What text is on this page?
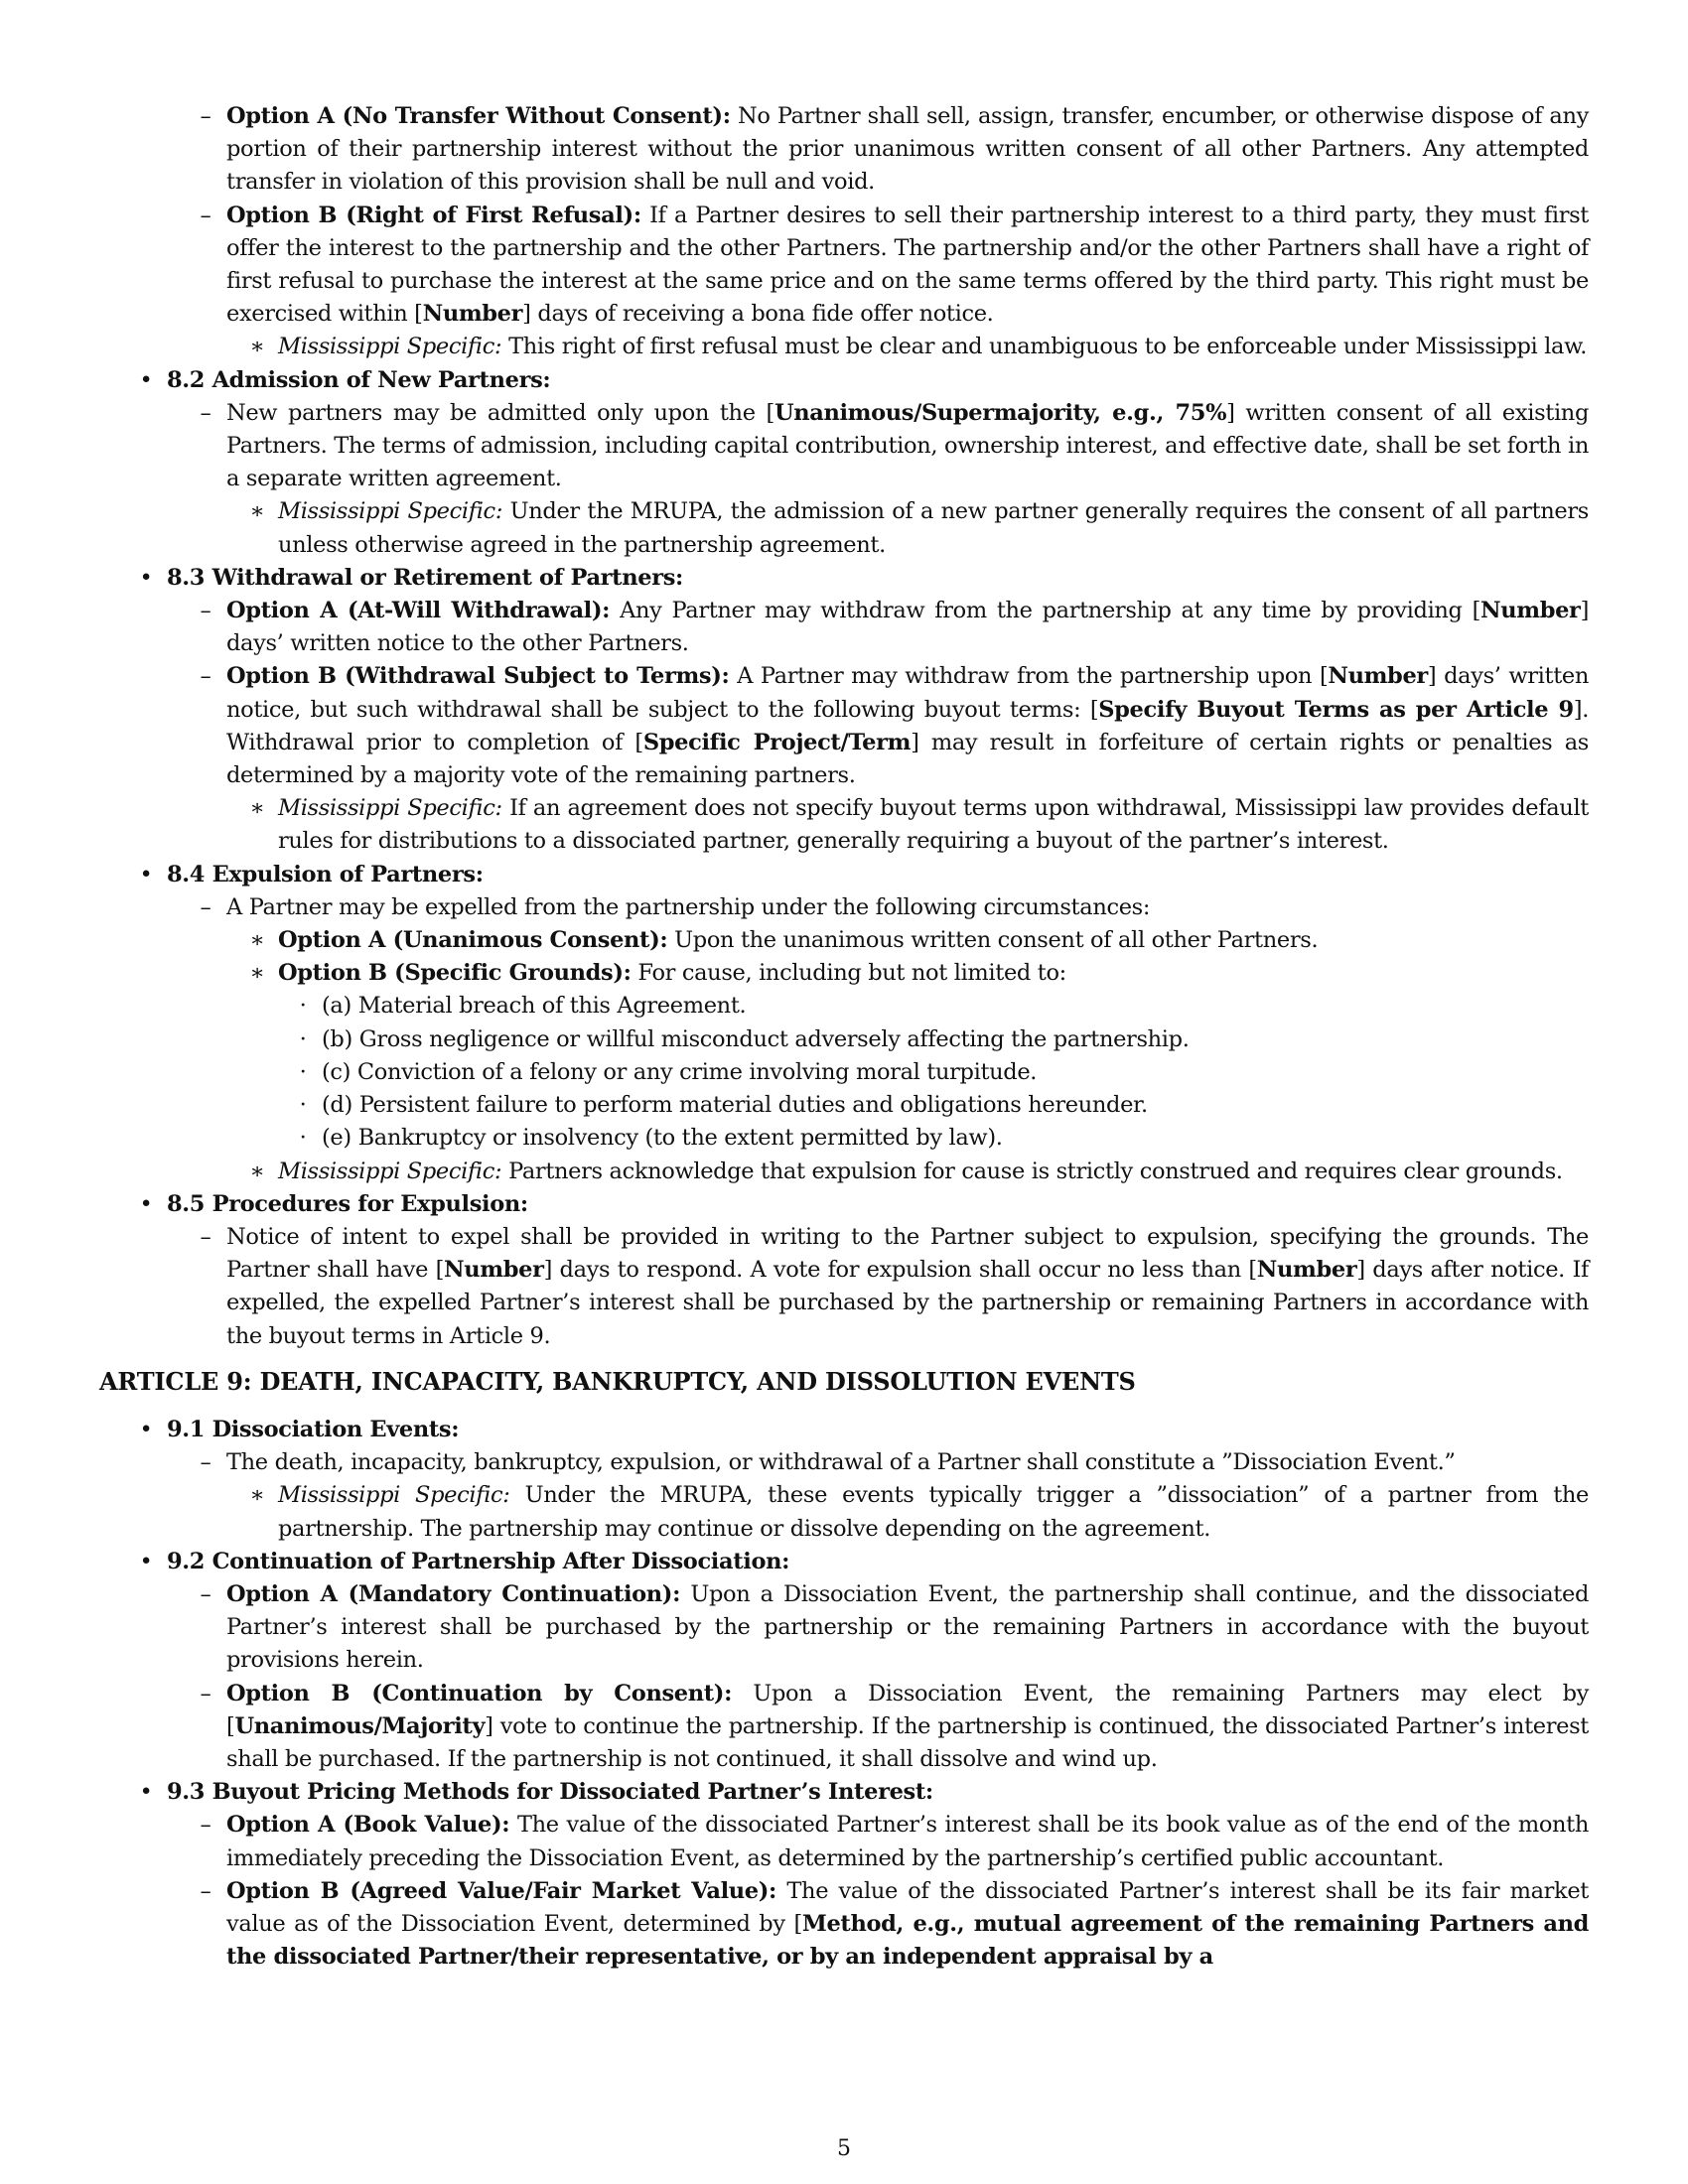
– Option A (No Transfer Without Consent): No Partner shall sell, assign, transfer, encumber, or otherwise dispose of any portion of their partnership interest without the prior unanimous written consent of all other Partners. Any attempted transfer in violation of this provision shall be null and void.
– Option B (Right of First Refusal): If a Partner desires to sell their partnership interest to a third party, they must first offer the interest to the partnership and the other Partners. The partnership and/or the other Partners shall have a right of first refusal to purchase the interest at the same price and on the same terms offered by the third party. This right must be exercised within [Number] days of receiving a bona fide offer notice.
∗ Mississippi Specific: This right of first refusal must be clear and unambiguous to be enforceable under Mississippi law.
• 8.2 Admission of New Partners:
– New partners may be admitted only upon the [Unanimous/Supermajority, e.g., 75%] written consent of all existing Partners. The terms of admission, including capital contribution, ownership interest, and effective date, shall be set forth in a separate written agreement.
∗ Mississippi Specific: Under the MRUPA, the admission of a new partner generally requires the consent of all partners unless otherwise agreed in the partnership agreement.
• 8.3 Withdrawal or Retirement of Partners:
– Option A (At-Will Withdrawal): Any Partner may withdraw from the partnership at any time by providing [Number] days’ written notice to the other Partners.
– Option B (Withdrawal Subject to Terms): A Partner may withdraw from the partnership upon [Number] days’ written notice, but such withdrawal shall be subject to the following buyout terms: [Specify Buyout Terms as per Article 9]. Withdrawal prior to completion of [Specific Project/Term] may result in forfeiture of certain rights or penalties as determined by a majority vote of the remaining partners.
∗ Mississippi Specific: If an agreement does not specify buyout terms upon withdrawal, Mississippi law provides default rules for distributions to a dissociated partner, generally requiring a buyout of the partner’s interest.
• 8.4 Expulsion of Partners:
– A Partner may be expelled from the partnership under the following circumstances:
∗ Option A (Unanimous Consent): Upon the unanimous written consent of all other Partners.
∗ Option B (Specific Grounds): For cause, including but not limited to:
· (a) Material breach of this Agreement.
· (b) Gross negligence or willful misconduct adversely affecting the partnership.
· (c) Conviction of a felony or any crime involving moral turpitude.
· (d) Persistent failure to perform material duties and obligations hereunder.
· (e) Bankruptcy or insolvency (to the extent permitted by law).
∗ Mississippi Specific: Partners acknowledge that expulsion for cause is strictly construed and requires clear grounds.
• 8.5 Procedures for Expulsion:
– Notice of intent to expel shall be provided in writing to the Partner subject to expulsion, specifying the grounds. The Partner shall have [Number] days to respond. A vote for expulsion shall occur no less than [Number] days after notice. If expelled, the expelled Partner’s interest shall be purchased by the partnership or remaining Partners in accordance with the buyout terms in Article 9.
ARTICLE 9: DEATH, INCAPACITY, BANKRUPTCY, AND DISSOLUTION EVENTS
• 9.1 Dissociation Events:
– The death, incapacity, bankruptcy, expulsion, or withdrawal of a Partner shall constitute a ”Dissociation Event.”
∗ Mississippi Specific: Under the MRUPA, these events typically trigger a ”dissociation” of a partner from the partnership. The partnership may continue or dissolve depending on the agreement.
• 9.2 Continuation of Partnership After Dissociation:
– Option A (Mandatory Continuation): Upon a Dissociation Event, the partnership shall continue, and the dissociated Partner’s interest shall be purchased by the partnership or the remaining Partners in accordance with the buyout provisions herein.
– Option B (Continuation by Consent): Upon a Dissociation Event, the remaining Partners may elect by [Unanimous/Majority] vote to continue the partnership. If the partnership is continued, the dissociated Partner’s interest shall be purchased. If the partnership is not continued, it shall dissolve and wind up.
• 9.3 Buyout Pricing Methods for Dissociated Partner’s Interest:
– Option A (Book Value): The value of the dissociated Partner’s interest shall be its book value as of the end of the month immediately preceding the Dissociation Event, as determined by the partnership’s certified public accountant.
– Option B (Agreed Value/Fair Market Value): The value of the dissociated Partner’s interest shall be its fair market value as of the Dissociation Event, determined by [Method, e.g., mutual agreement of the remaining Partners and the dissociated Partner/their representative, or by an independent appraisal by a
5
